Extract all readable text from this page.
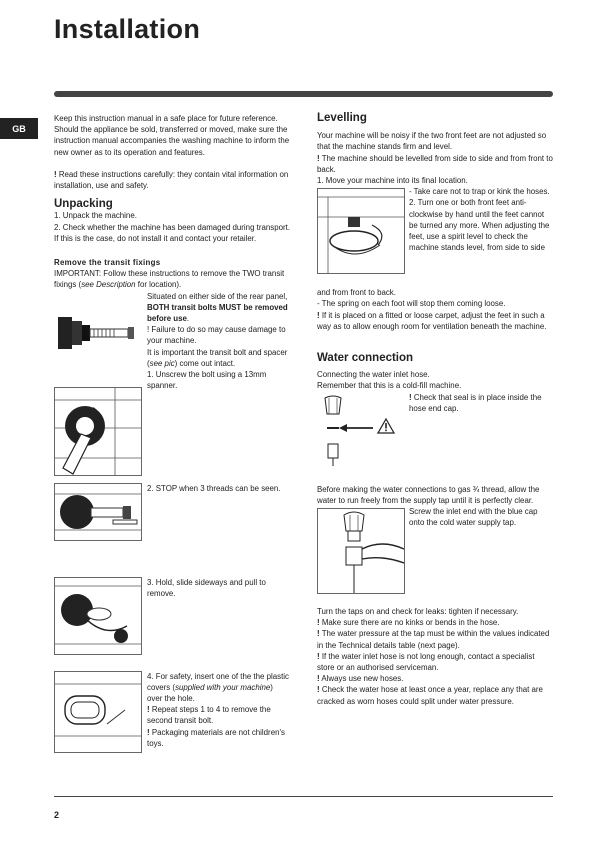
Installation
GB

Keep this instruction manual in a safe place for future reference. Should the appliance be sold, transferred or moved, make sure the instruction manual accompanies the washing machine to inform the new owner as to its operation and features.

! Read these instructions carefully: they contain vital information on installation, use and safety.

Unpacking

1. Unpack the machine.

2. Check whether the machine has been damaged during transport. If this is the case, do not install it and contact your retailer.

Remove the transit fixings

IMPORTANT: Follow these instructions to remove the TWO transit fixings (see Description for location).

Situated on either side of the rear panel, BOTH transit bolts MUST be removed before use.

! Failure to do so may cause damage to your machine.

It is important the transit bolt and spacer (see pic) come out intact.

1. Unscrew the bolt using a 13mm spanner.

2. STOP when 3 threads can be seen.

3. Hold, slide sideways and pull to remove.

4. For safety, insert one of the the plastic covers (supplied with your machine) over the hole.

! Repeat steps 1 to 4 to remove the second transit bolt.

! Packaging materials are not children's toys.

Levelling

Your machine will be noisy if the two front feet are not adjusted so that the machine stands firm and level.

! The machine should be levelled from side to side and from front to back.

1. Move your machine into its final location.

- Take care not to trap or kink the hoses.

2. Turn one or both front feet anti-clockwise by hand until the feet cannot be turned any more. When adjusting the feet, use a spirit level to check the machine stands level, from side to side

and from front to back.

- The spring on each foot will stop them coming loose.

! If it is placed on a fitted or loose carpet, adjust the feet in such a way as to allow enough room for ventilation beneath the machine.

Water connection

Connecting the water inlet hose.

Remember that this is a cold-fill machine.

! Check that seal is in place inside the hose end cap.

Before making the water connections to gas ¾ thread, allow the water to run freely from the supply tap until it is perfectly clear.

Screw the inlet end with the blue cap onto the cold water supply tap.

Turn the taps on and check for leaks: tighten if necessary.

! Make sure there are no kinks or bends in the hose.

! The water pressure at the tap must be within the values indicated in the Technical details table (next page).

! If the water inlet hose is not long enough, contact a specialist store or an authorised serviceman.

! Always use new hoses.

! Check the water hose at least once a year, replace any that are cracked as worn hoses could split under water pressure.

2
